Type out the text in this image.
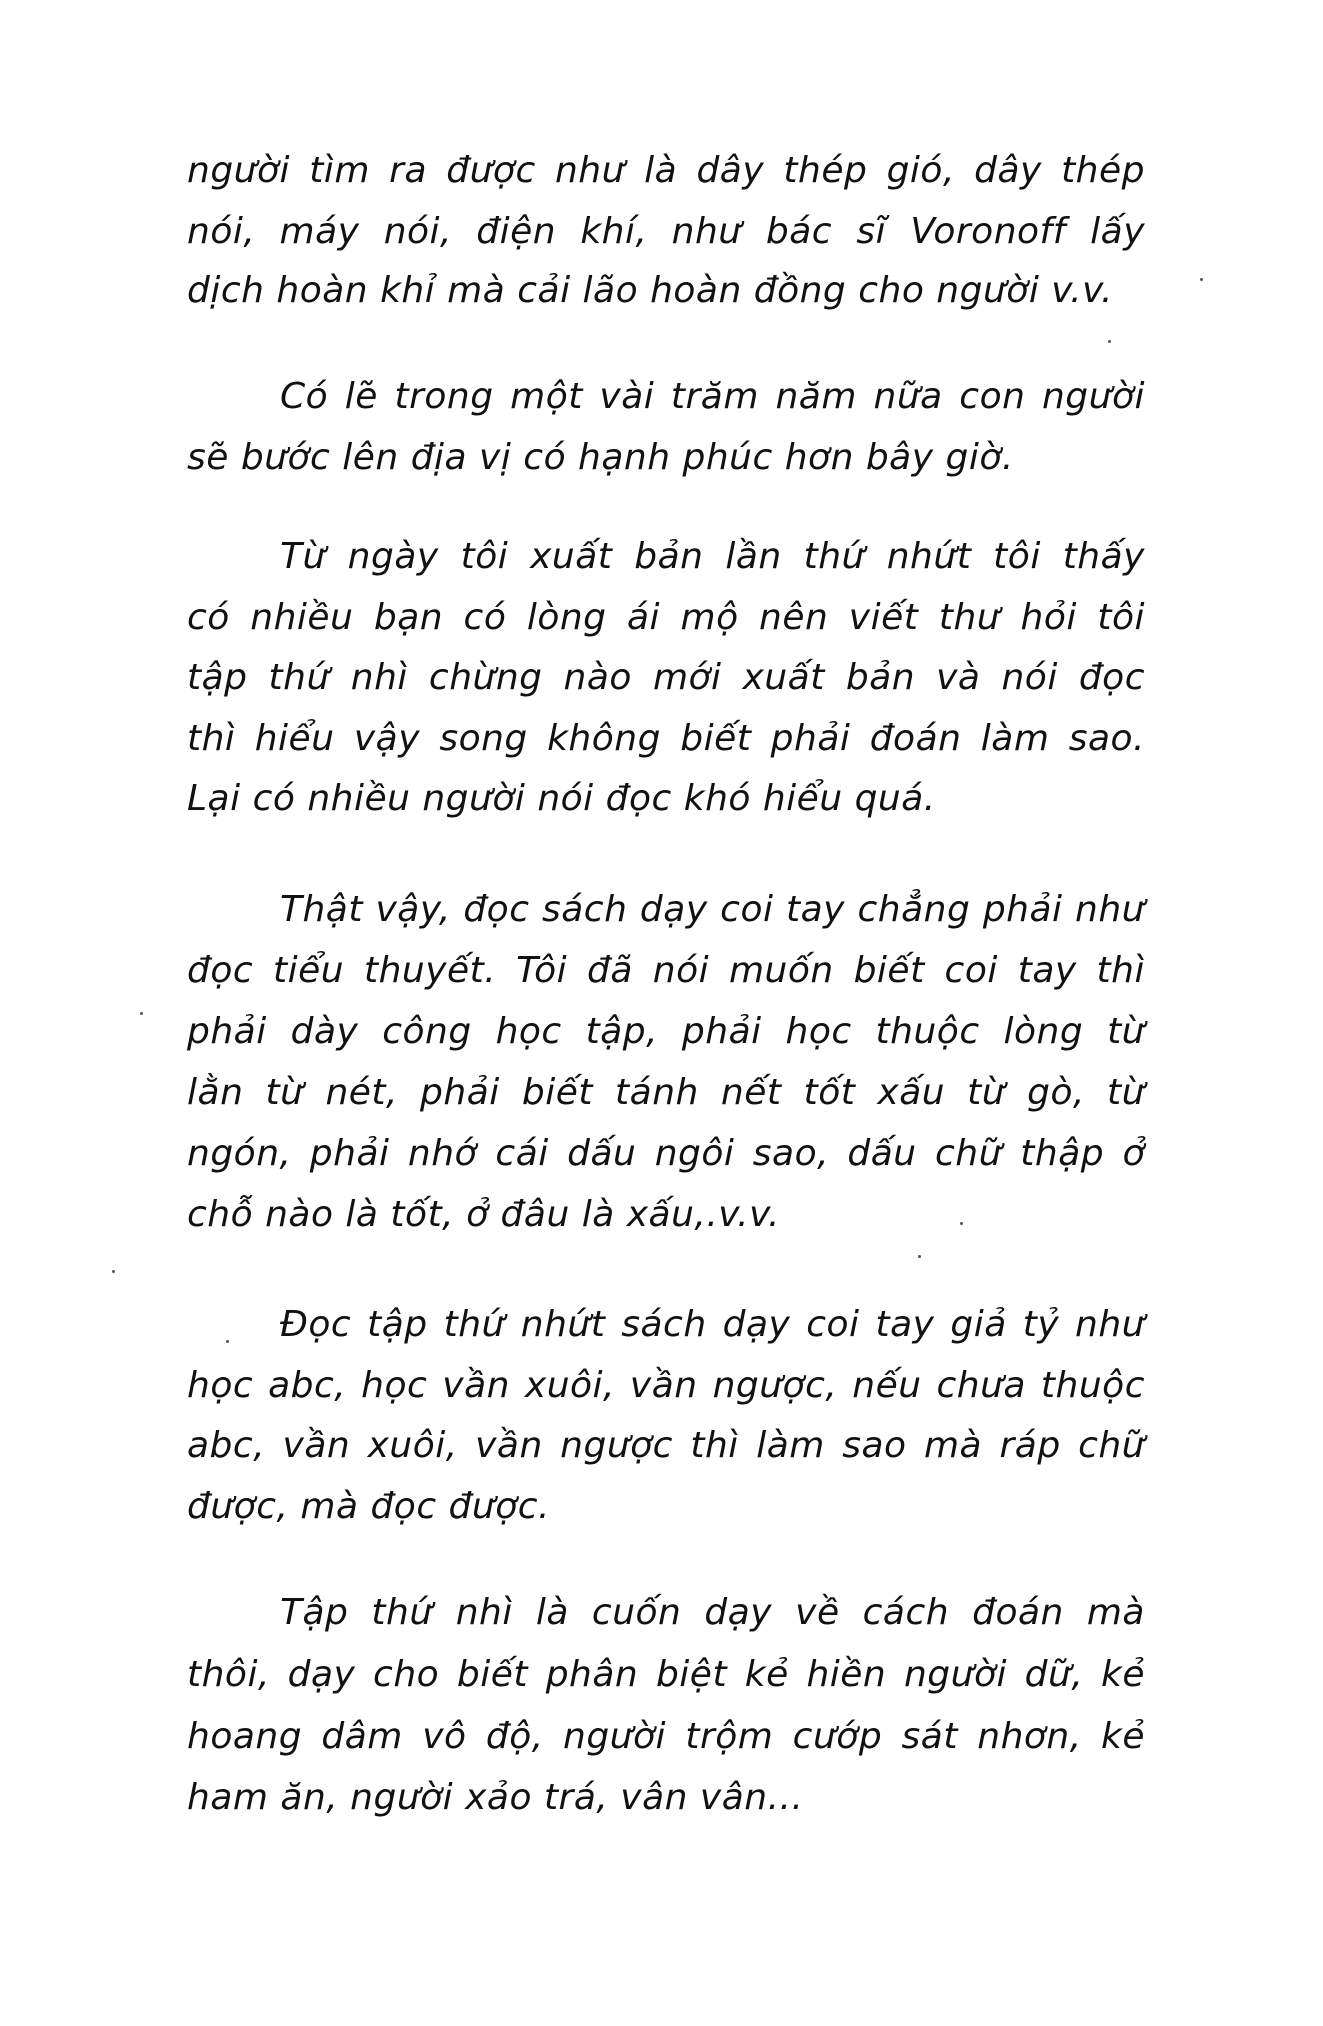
người tìm ra được như là dây thép gió, dây thép
nói, máy nói, điện khí, như bác sĩ Voronoff lấy
dịch hoàn khỉ mà cải lão hoàn đồng cho người v.v.
Có lẽ trong một vài trăm năm nữa con người
sẽ bước lên địa vị có hạnh phúc hơn bây giờ.
Từ ngày tôi xuất bản lần thứ nhứt tôi thấy
có nhiều bạn có lòng ái mộ nên viết thư hỏi tôi
tập thứ nhì chừng nào mới xuất bản và nói đọc
thì hiểu vậy song không biết phải đoán làm sao.
Lại có nhiều người nói đọc khó hiểu quá.
Thật vậy, đọc sách dạy coi tay chẳng phải như
đọc tiểu thuyết. Tôi đã nói muốn biết coi tay thì
phải dày công học tập, phải học thuộc lòng từ
lằn từ nét, phải biết tánh nết tốt xấu từ gò, từ
ngón, phải nhớ cái dấu ngôi sao, dấu chữ thập ở
chỗ nào là tốt, ở đâu là xấu,.v.v.
Đọc tập thứ nhứt sách dạy coi tay giả tỷ như
học abc, học vần xuôi, vần ngược, nếu chưa thuộc
abc, vần xuôi, vần ngược thì làm sao mà ráp chữ
được, mà đọc được.
Tập thứ nhì là cuốn dạy về cách đoán mà
thôi, dạy cho biết phân biệt kẻ hiền người dữ, kẻ
hoang dâm vô độ, người trộm cướp sát nhơn, kẻ
ham ăn, người xảo trá, vân vân...
